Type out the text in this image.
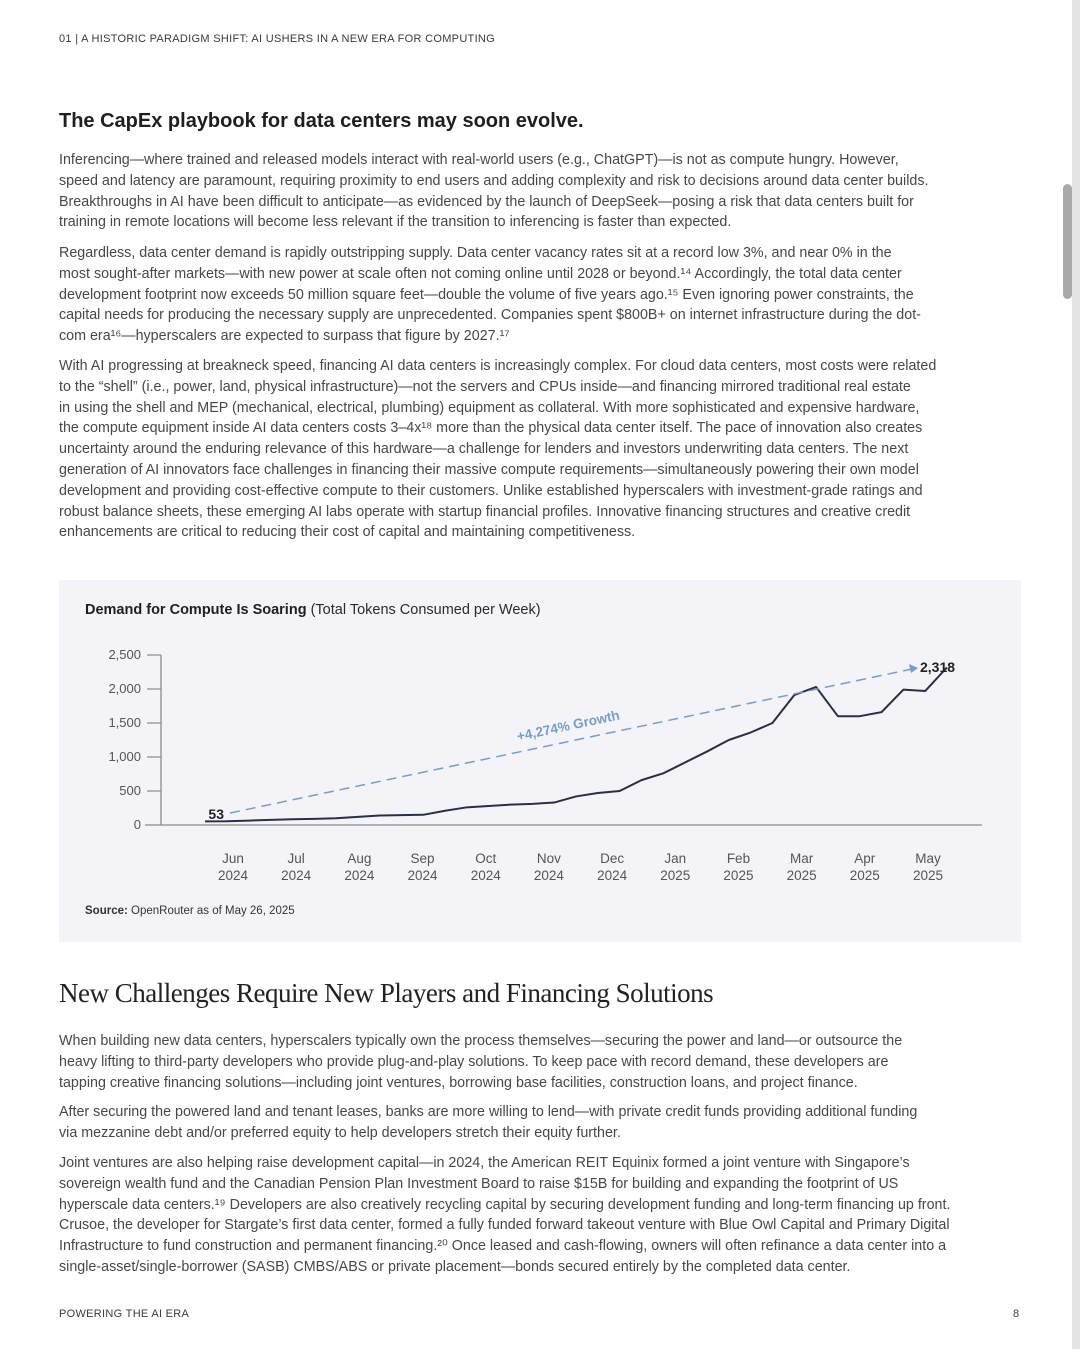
01 | A HISTORIC PARADIGM SHIFT: AI USHERS IN A NEW ERA FOR COMPUTING
The CapEx playbook for data centers may soon evolve.
Inferencing—where trained and released models interact with real-world users (e.g., ChatGPT)—is not as compute hungry. However,
speed and latency are paramount, requiring proximity to end users and adding complexity and risk to decisions around data center builds.
Breakthroughs in AI have been difficult to anticipate—as evidenced by the launch of DeepSeek—posing a risk that data centers built for
training in remote locations will become less relevant if the transition to inferencing is faster than expected.
Regardless, data center demand is rapidly outstripping supply. Data center vacancy rates sit at a record low 3%, and near 0% in the
most sought-after markets—with new power at scale often not coming online until 2028 or beyond.¹⁴ Accordingly, the total data center
development footprint now exceeds 50 million square feet—double the volume of five years ago.¹⁵ Even ignoring power constraints, the
capital needs for producing the necessary supply are unprecedented. Companies spent $800B+ on internet infrastructure during the dot-
com era¹⁶—hyperscalers are expected to surpass that figure by 2027.¹⁷
With AI progressing at breakneck speed, financing AI data centers is increasingly complex. For cloud data centers, most costs were related
to the “shell” (i.e., power, land, physical infrastructure)—not the servers and CPUs inside—and financing mirrored traditional real estate
in using the shell and MEP (mechanical, electrical, plumbing) equipment as collateral. With more sophisticated and expensive hardware,
the compute equipment inside AI data centers costs 3–4x¹⁸ more than the physical data center itself. The pace of innovation also creates
uncertainty around the enduring relevance of this hardware—a challenge for lenders and investors underwriting data centers. The next
generation of AI innovators face challenges in financing their massive compute requirements—simultaneously powering their own model
development and providing cost-effective compute to their customers. Unlike established hyperscalers with investment-grade ratings and
robust balance sheets, these emerging AI labs operate with startup financial profiles. Innovative financing structures and creative credit
enhancements are critical to reducing their cost of capital and maintaining competitiveness.
Demand for Compute Is Soaring (Total Tokens Consumed per Week)
0
500
1,000
1,500
2,000
2,500
Jun
2024
Jul
2024
Aug
2024
Sep
2024
Oct
2024
Nov
2024
Dec
2024
Jan
2025
Feb
2025
Mar
2025
Apr
2025
May
2025
53
2,318
+4,274% Growth
Source: OpenRouter as of May 26, 2025
New Challenges Require New Players and Financing Solutions
When building new data centers, hyperscalers typically own the process themselves—securing the power and land—or outsource the
heavy lifting to third-party developers who provide plug-and-play solutions. To keep pace with record demand, these developers are
tapping creative financing solutions—including joint ventures, borrowing base facilities, construction loans, and project finance.
After securing the powered land and tenant leases, banks are more willing to lend—with private credit funds providing additional funding
via mezzanine debt and/or preferred equity to help developers stretch their equity further.
Joint ventures are also helping raise development capital—in 2024, the American REIT Equinix formed a joint venture with Singapore’s
sovereign wealth fund and the Canadian Pension Plan Investment Board to raise $15B for building and expanding the footprint of US
hyperscale data centers.¹⁹ Developers are also creatively recycling capital by securing development funding and long-term financing up front.
Crusoe, the developer for Stargate’s first data center, formed a fully funded forward takeout venture with Blue Owl Capital and Primary Digital
Infrastructure to fund construction and permanent financing.²⁰ Once leased and cash-flowing, owners will often refinance a data center into a
single-asset/single-borrower (SASB) CMBS/ABS or private placement—bonds secured entirely by the completed data center.
POWERING THE AI ERA	8
